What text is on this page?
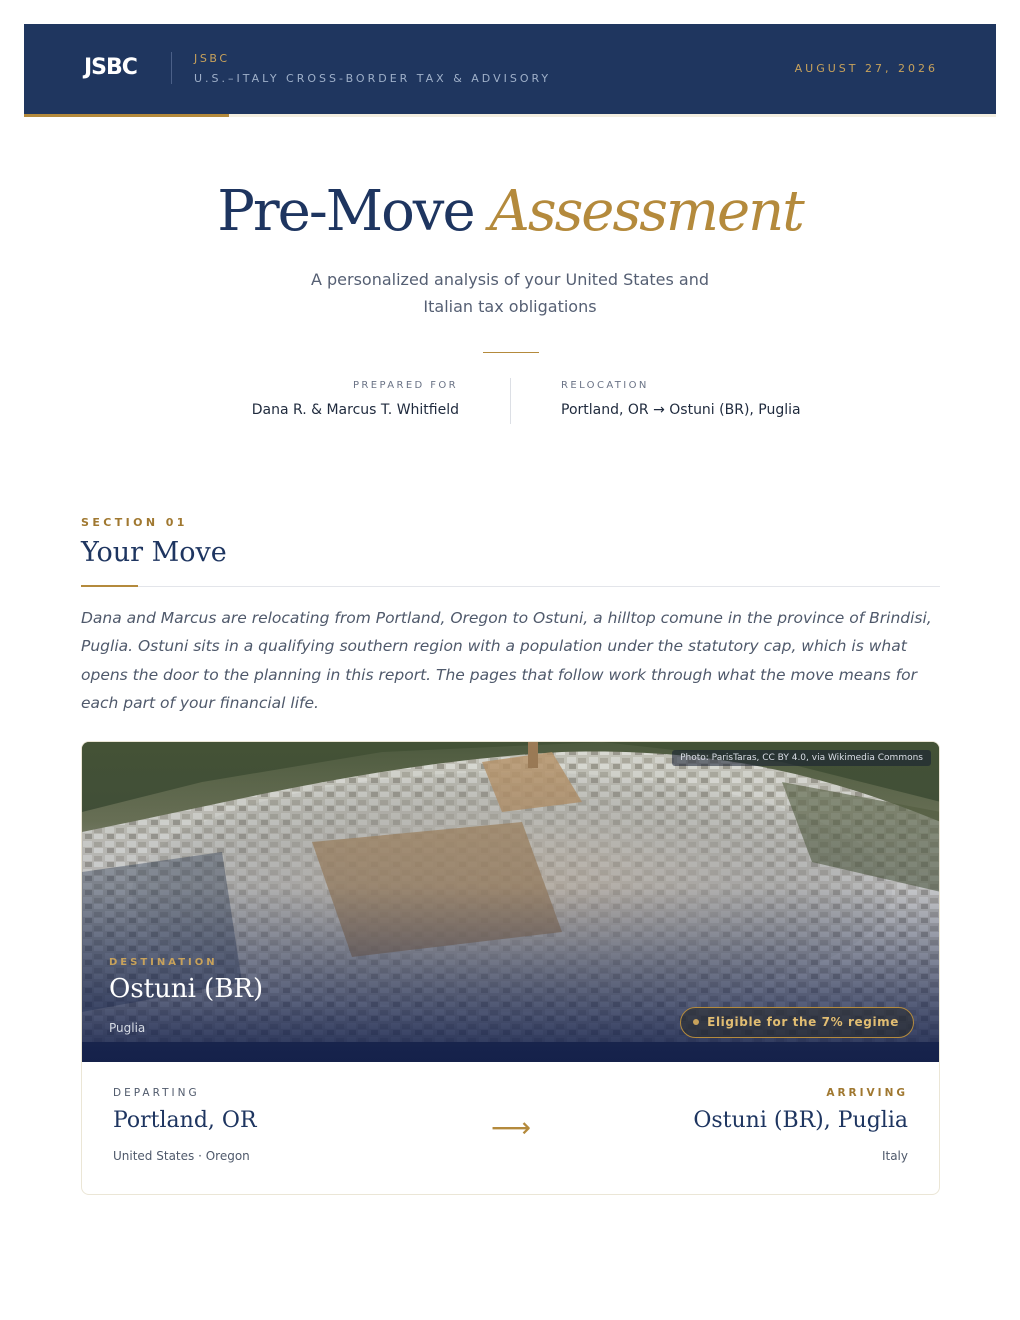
JSBC	JSBC
U.S.–ITALY CROSS-BORDER TAX & ADVISORY
AUGUST 27, 2026
Pre-Move Assessment
A personalized analysis of your United States and Italian tax obligations
PREPARED FOR
Dana R. & Marcus T. Whitfield
RELOCATION
Portland, OR → Ostuni (BR), Puglia
SECTION 01
Your Move
Dana and Marcus are relocating from Portland, Oregon to Ostuni, a hilltop comune in the province of Brindisi, Puglia. Ostuni sits in a qualifying southern region with a population under the statutory cap, which is what opens the door to the planning in this report. The pages that follow work through what the move means for each part of your financial life.
Photo: ParisTaras, CC BY 4.0, via Wikimedia Commons
DESTINATION
Ostuni (BR)
Puglia	Eligible for the 7% regime
DEPARTING
Portland, OR
United States · Oregon
⟶
ARRIVING
Ostuni (BR), Puglia
Italy
